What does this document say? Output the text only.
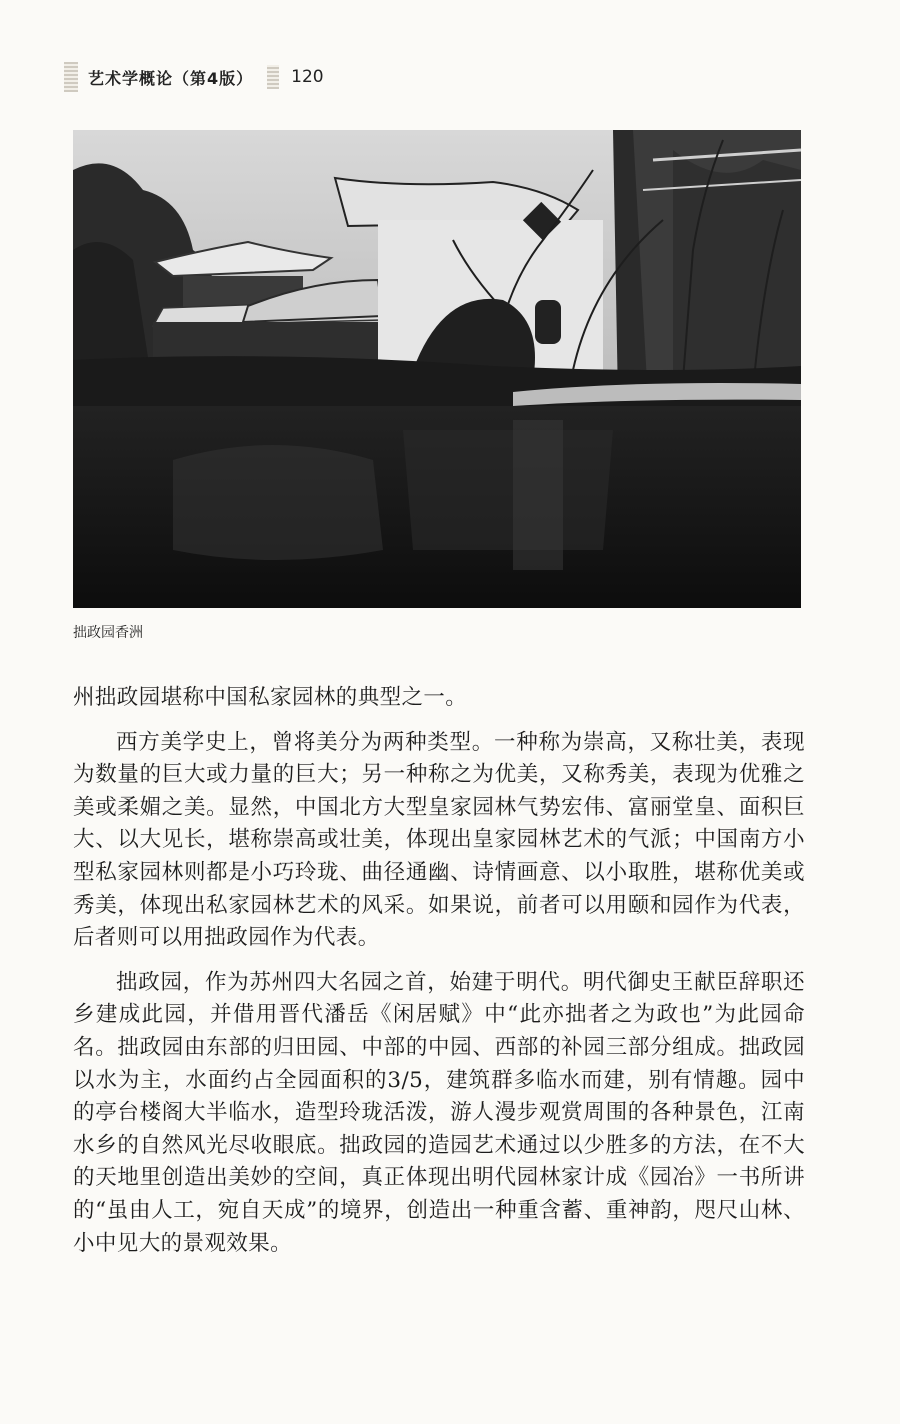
艺术学概论（第4版） 120
拙政园香洲

州拙政园堪称中国私家园林的典型之一。

西方美学史上，曾将美分为两种类型。一种称为崇高，又称壮美，表现为数量的巨大或力量的巨大；另一种称之为优美，又称秀美，表现为优雅之美或柔媚之美。显然，中国北方大型皇家园林气势宏伟、富丽堂皇、面积巨大、以大见长，堪称崇高或壮美，体现出皇家园林艺术的气派；中国南方小型私家园林则都是小巧玲珑、曲径通幽、诗情画意、以小取胜，堪称优美或秀美，体现出私家园林艺术的风采。如果说，前者可以用颐和园作为代表，后者则可以用拙政园作为代表。

拙政园，作为苏州四大名园之首，始建于明代。明代御史王献臣辞职还乡建成此园，并借用晋代潘岳《闲居赋》中“此亦拙者之为政也”为此园命名。拙政园由东部的归田园、中部的中园、西部的补园三部分组成。拙政园以水为主，水面约占全园面积的3/5，建筑群多临水而建，别有情趣。园中的亭台楼阁大半临水，造型玲珑活泼，游人漫步观赏周围的各种景色，江南水乡的自然风光尽收眼底。拙政园的造园艺术通过以少胜多的方法，在不大的天地里创造出美妙的空间，真正体现出明代园林家计成《园冶》一书所讲的“虽由人工，宛自天成”的境界，创造出一种重含蓄、重神韵，咫尺山林、小中见大的景观效果。
